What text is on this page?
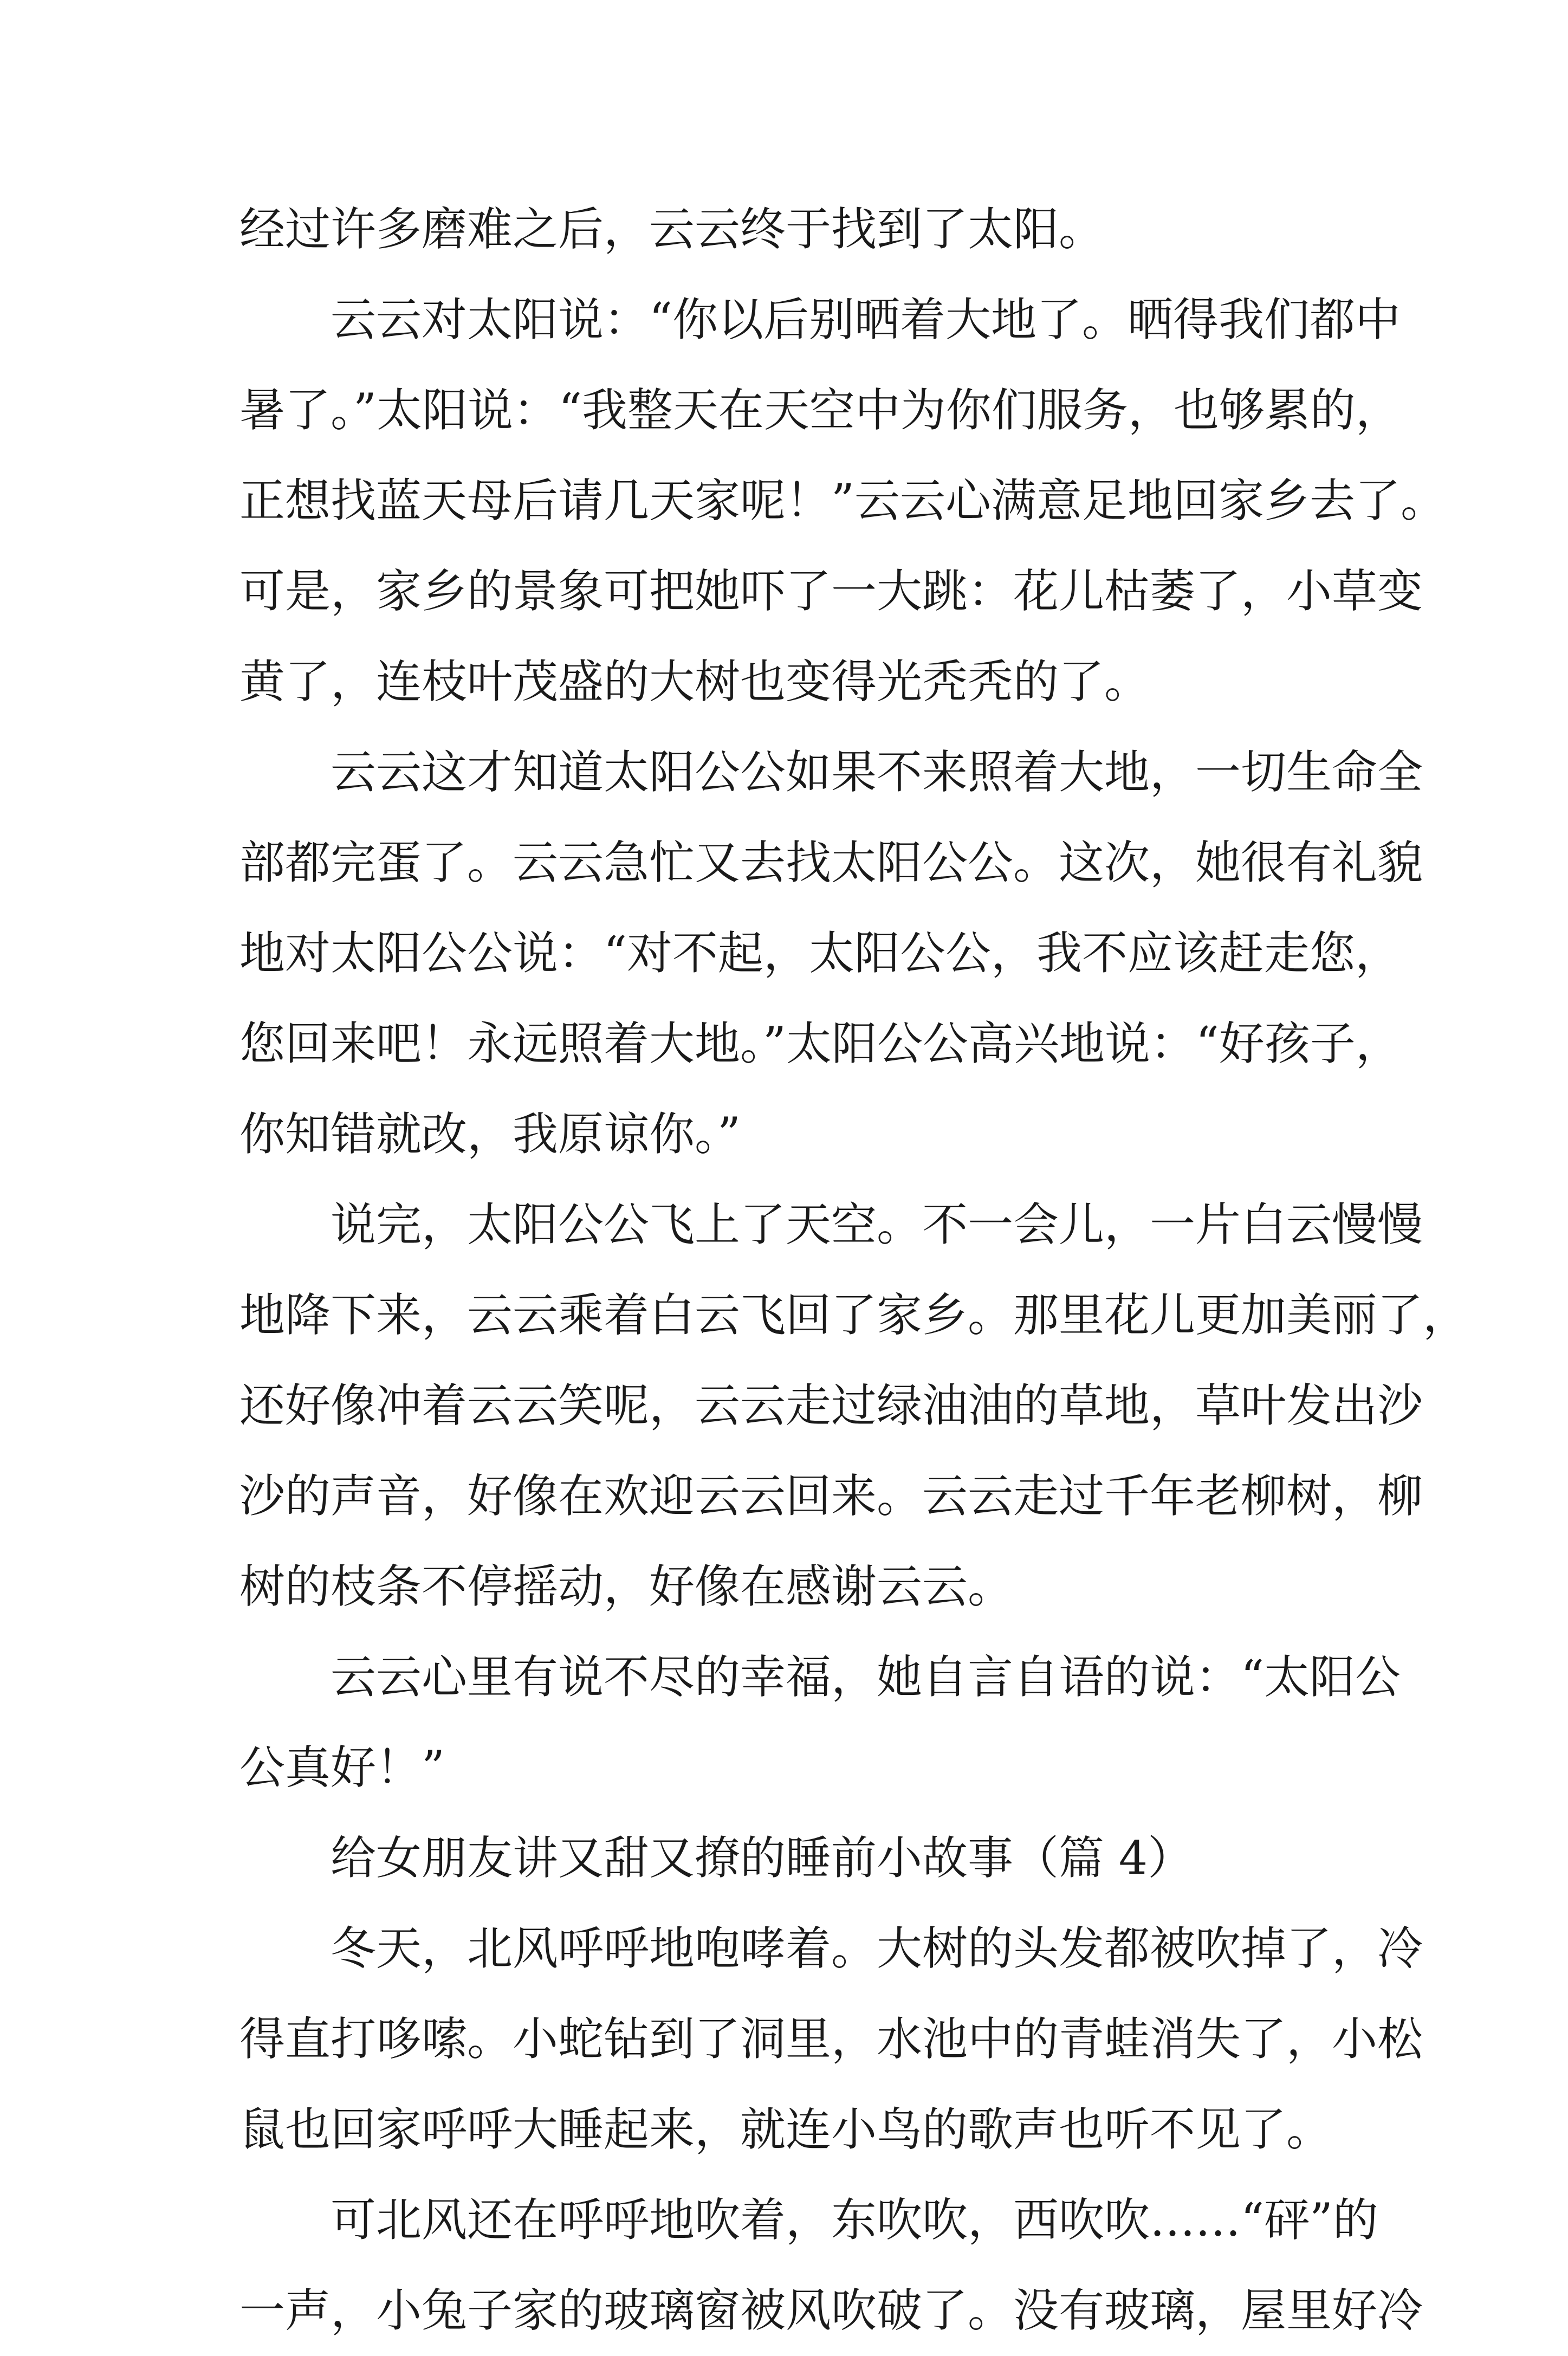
经过许多磨难之后，云云终于找到了太阳。
云云对太阳说：“你以后别晒着大地了。晒得我们都中
暑了。”太阳说：“我整天在天空中为你们服务，也够累的，
正想找蓝天母后请几天家呢！”云云心满意足地回家乡去了。
可是，家乡的景象可把她吓了一大跳：花儿枯萎了，小草变
黄了，连枝叶茂盛的大树也变得光秃秃的了。
云云这才知道太阳公公如果不来照着大地，一切生命全
部都完蛋了。云云急忙又去找太阳公公。这次，她很有礼貌
地对太阳公公说：“对不起，太阳公公，我不应该赶走您，
您回来吧！永远照着大地。”太阳公公高兴地说：“好孩子，
你知错就改，我原谅你。”
说完，太阳公公飞上了天空。不一会儿，一片白云慢慢
地降下来，云云乘着白云飞回了家乡。那里花儿更加美丽了，
还好像冲着云云笑呢，云云走过绿油油的草地，草叶发出沙
沙的声音，好像在欢迎云云回来。云云走过千年老柳树，柳
树的枝条不停摇动，好像在感谢云云。
云云心里有说不尽的幸福，她自言自语的说：“太阳公
公真好！”
给女朋友讲又甜又撩的睡前小故事（篇 4）
冬天，北风呼呼地咆哮着。大树的头发都被吹掉了，冷
得直打哆嗦。小蛇钻到了洞里，水池中的青蛙消失了，小松
鼠也回家呼呼大睡起来，就连小鸟的歌声也听不见了。
可北风还在呼呼地吹着，东吹吹，西吹吹……“砰”的
一声，小兔子家的玻璃窗被风吹破了。没有玻璃，屋里好冷
